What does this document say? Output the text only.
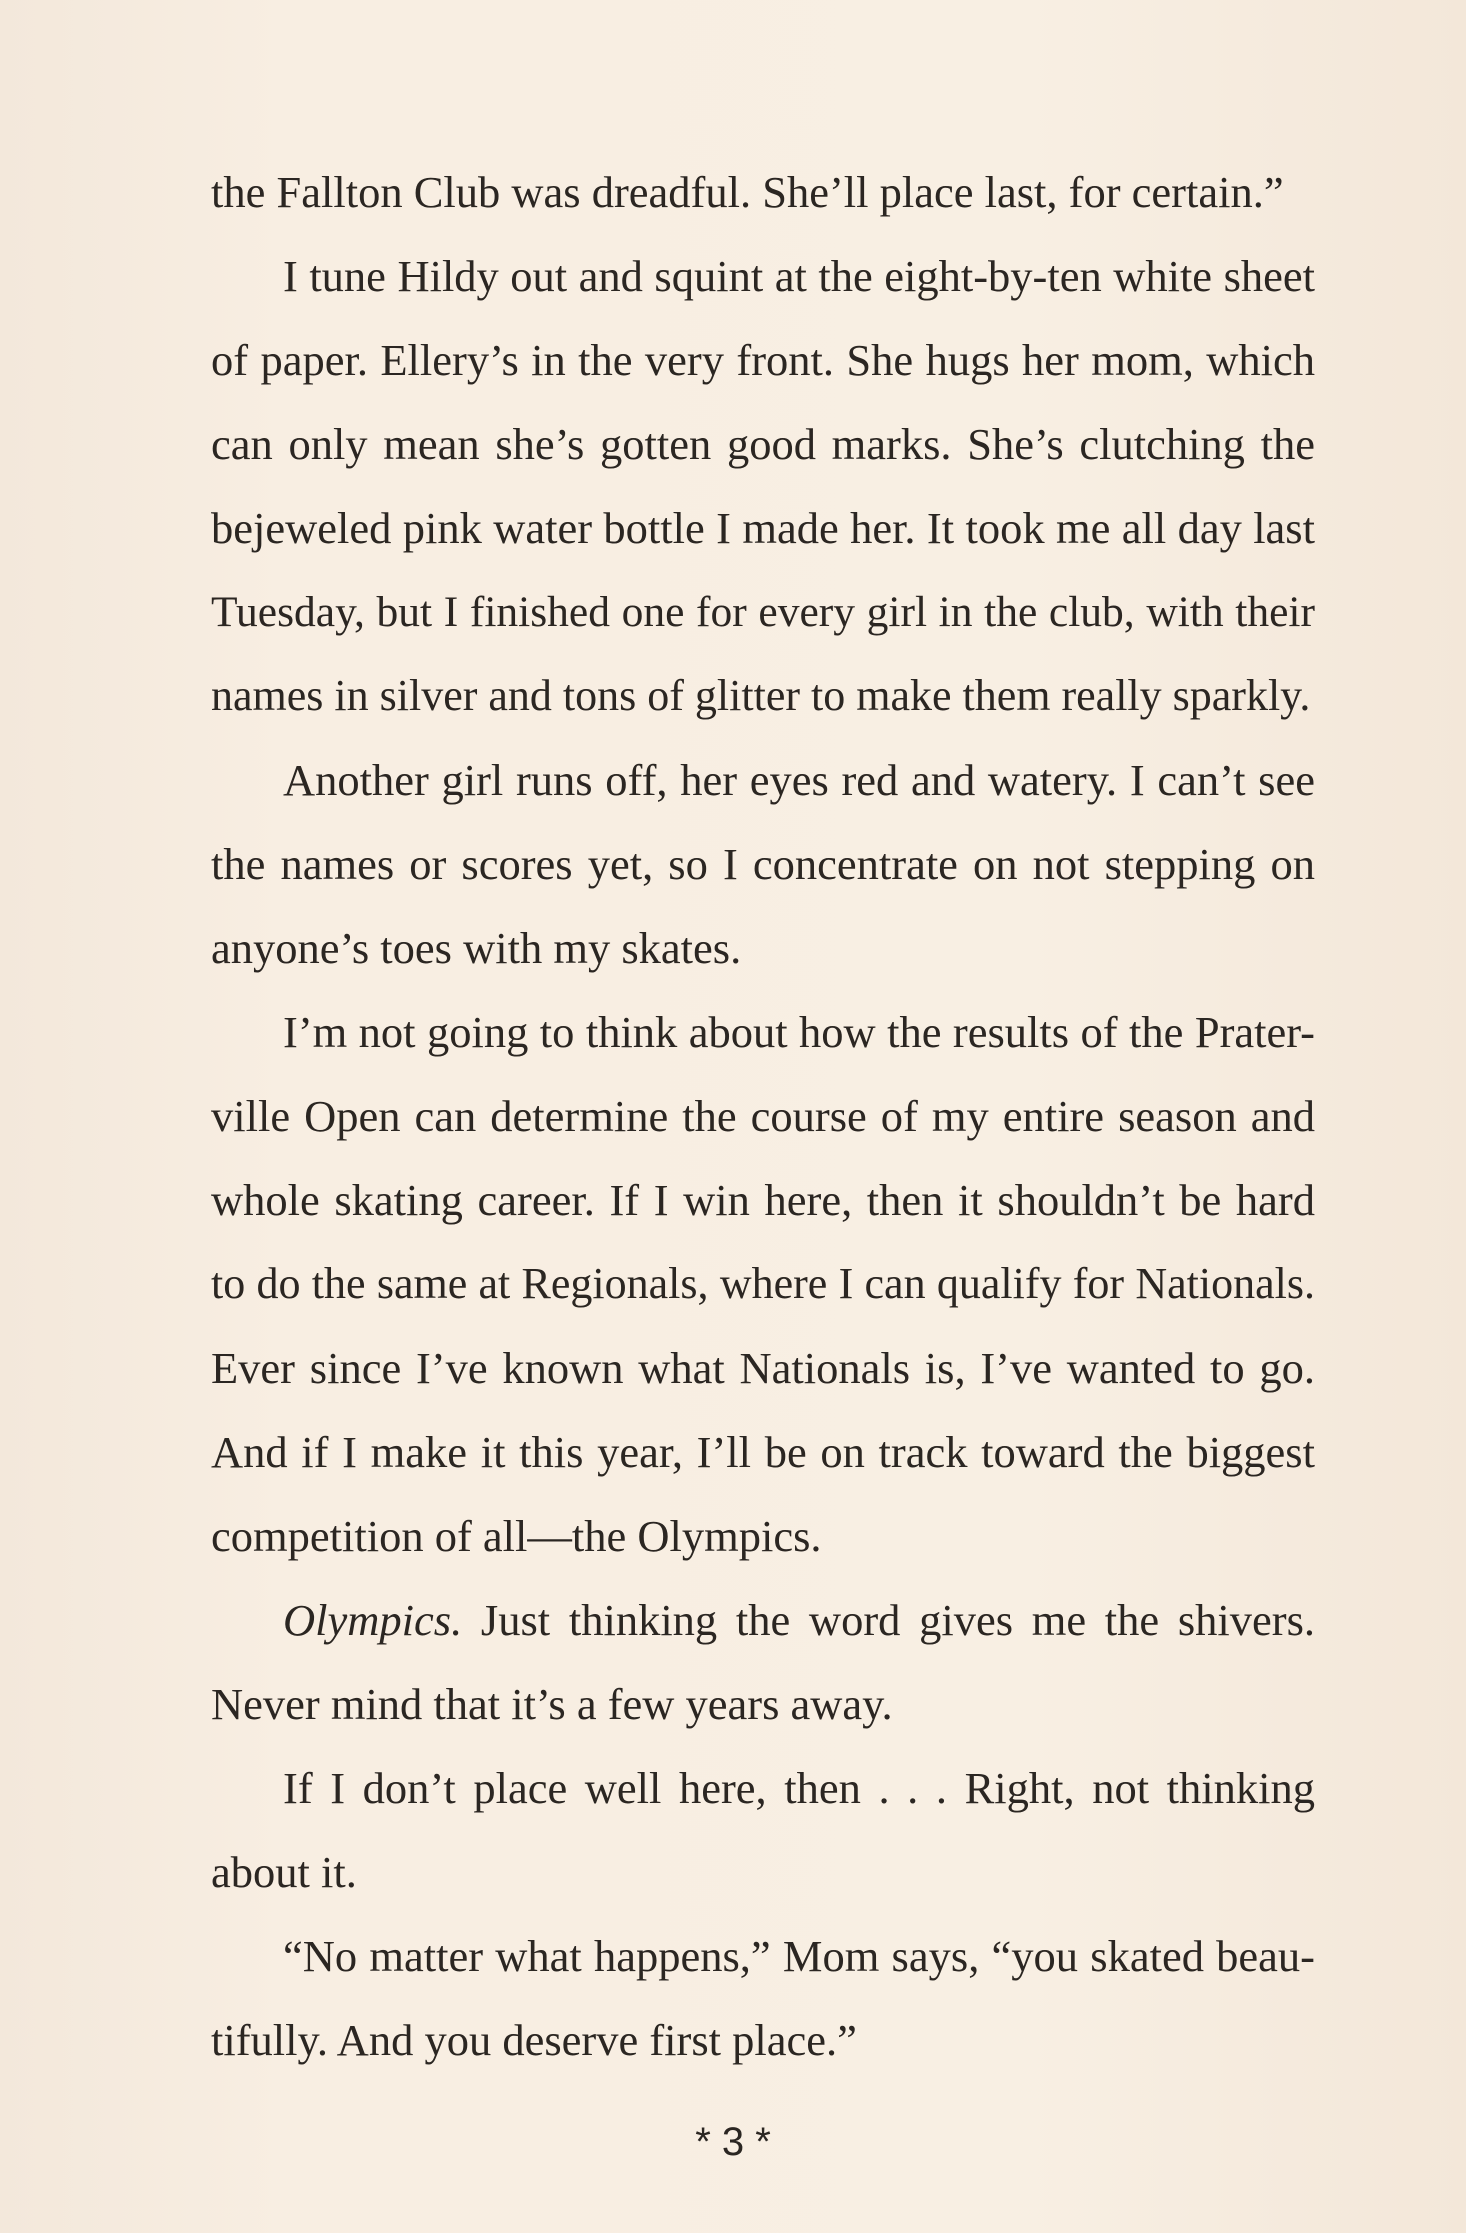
the Fallton Club was dreadful. She’ll place last, for certain.”
I tune Hildy out and squint at the eight-by-ten white sheet
of paper. Ellery’s in the very front. She hugs her mom, which
can only mean she’s gotten good marks. She’s clutching the
bejeweled pink water bottle I made her. It took me all day last
Tuesday, but I finished one for every girl in the club, with their
names in silver and tons of glitter to make them really sparkly.
Another girl runs off, her eyes red and watery. I can’t see
the names or scores yet, so I concentrate on not stepping on
anyone’s toes with my skates.
I’m not going to think about how the results of the Prater-
ville Open can determine the course of my entire season and
whole skating career. If I win here, then it shouldn’t be hard
to do the same at Regionals, where I can qualify for Nationals.
Ever since I’ve known what Nationals is, I’ve wanted to go.
And if I make it this year, I’ll be on track toward the biggest
competition of all—the Olympics.
Olympics. Just thinking the word gives me the shivers.
Never mind that it’s a few years away.
If I don’t place well here, then . . . Right, not thinking
about it.
“No matter what happens,” Mom says, “you skated beau-
tifully. And you deserve first place.”
* 3 *
